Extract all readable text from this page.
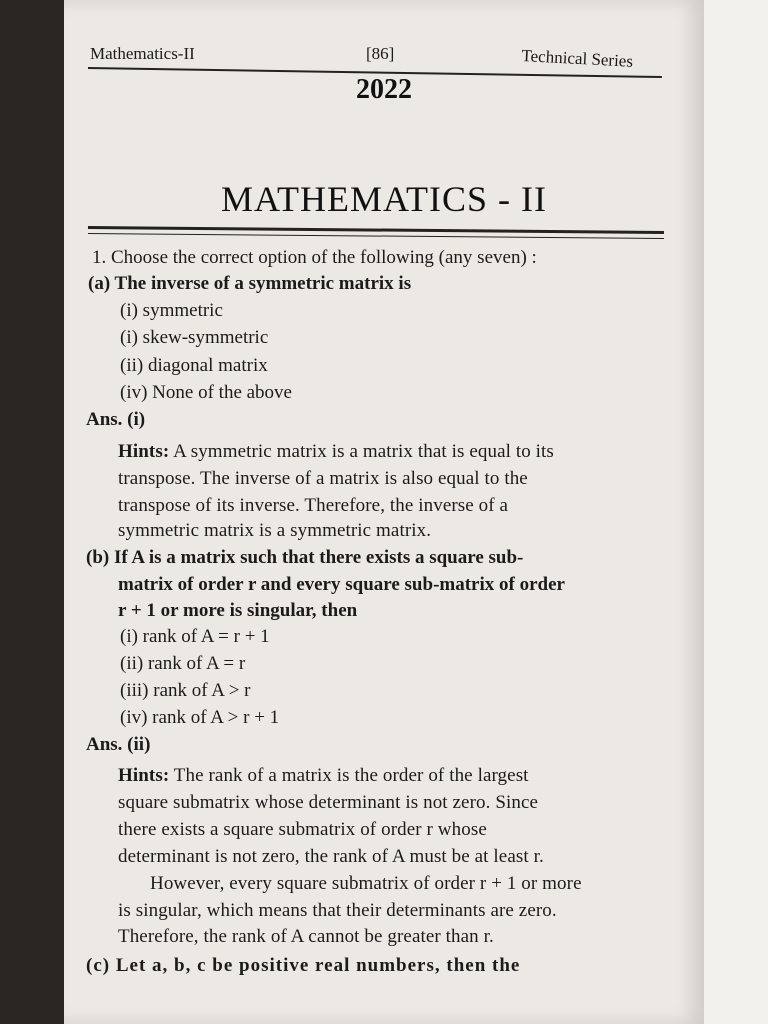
Mathematics-II	[86]	Technical Series
2022
MATHEMATICS - II
1. Choose the correct option of the following (any seven) :
(a) The inverse of a symmetric matrix is
(i) symmetric
(i) skew-symmetric
(ii) diagonal matrix
(iv) None of the above
Ans. (i)
Hints: A symmetric matrix is a matrix that is equal to its
transpose. The inverse of a matrix is also equal to the
transpose of its inverse. Therefore, the inverse of a
symmetric matrix is a symmetric matrix.
(b) If A is a matrix such that there exists a square sub-
matrix of order r and every square sub-matrix of order
r + 1 or more is singular, then
(i) rank of A = r + 1
(ii) rank of A = r
(iii) rank of A > r
(iv) rank of A > r + 1
Ans. (ii)
Hints: The rank of a matrix is the order of the largest
square submatrix whose determinant is not zero. Since
there exists a square submatrix of order r whose
determinant is not zero, the rank of A must be at least r.
However, every square submatrix of order r + 1 or more
is singular, which means that their determinants are zero.
Therefore, the rank of A cannot be greater than r.
(c) Let a, b, c be positive real numbers, then the
